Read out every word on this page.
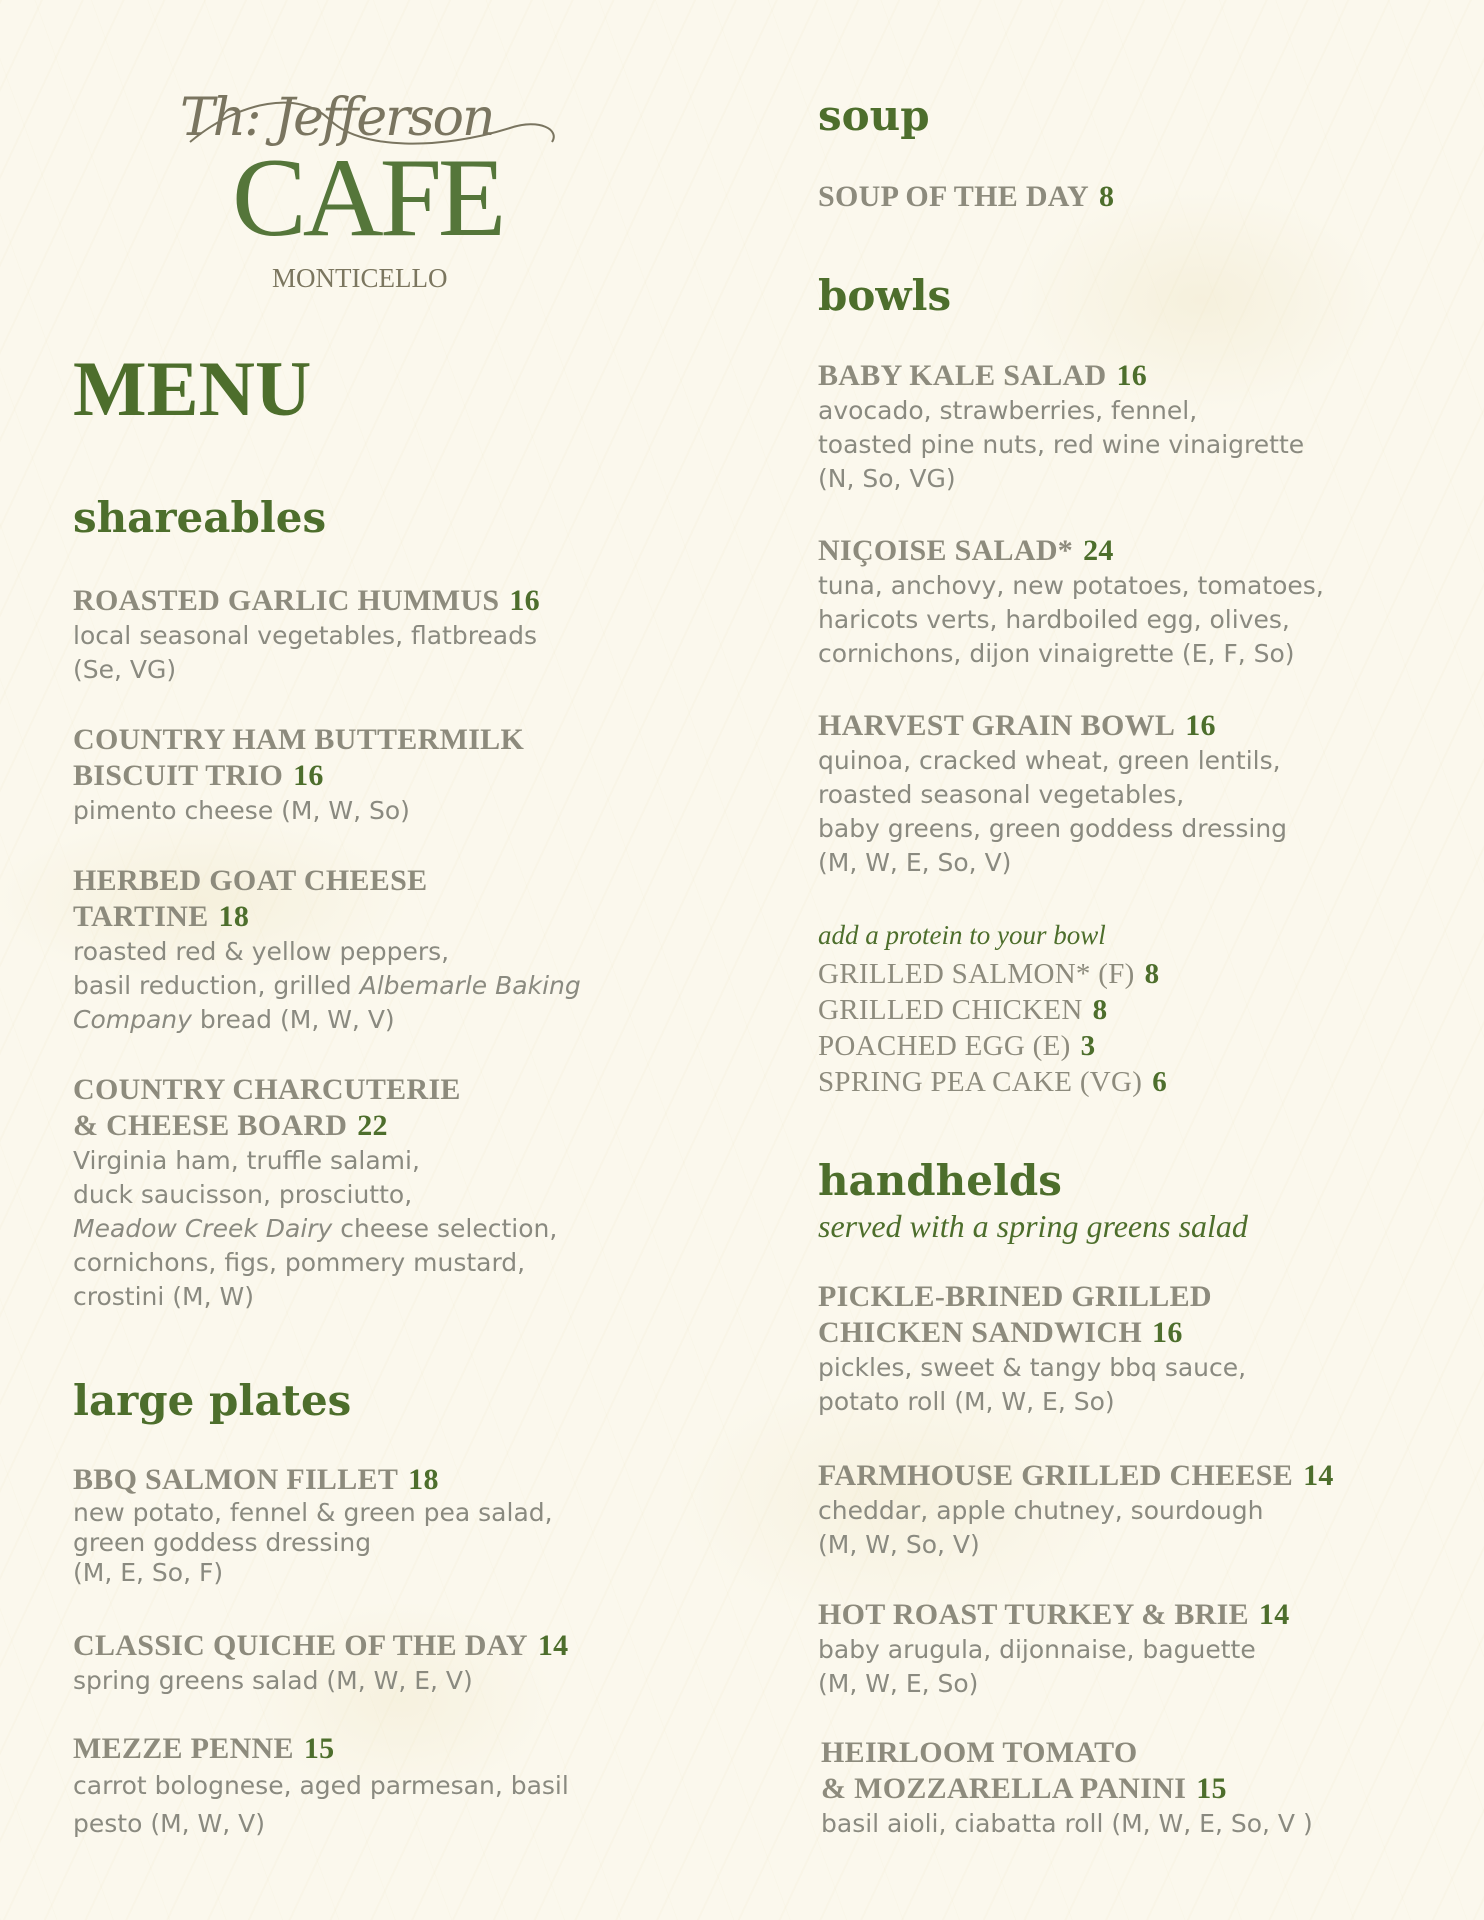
Th: Jefferson
CAFE
MONTICELLO
MENU
shareables
ROASTED GARLIC HUMMUS 16
local seasonal vegetables, flatbreads
(Se, VG)
COUNTRY HAM BUTTERMILK
BISCUIT TRIO 16
pimento cheese (M, W, So)
HERBED GOAT CHEESE
TARTINE 18
roasted red & yellow peppers,
basil reduction, grilled Albemarle Baking Company bread (M, W, V)
COUNTRY CHARCUTERIE
& CHEESE BOARD 22
Virginia ham, truffle salami,
duck saucisson, prosciutto,
Meadow Creek Dairy cheese selection,
cornichons, figs, pommery mustard,
crostini (M, W)
large plates
BBQ SALMON FILLET 18
new potato, fennel & green pea salad,
green goddess dressing
(M, E, So, F)
CLASSIC QUICHE OF THE DAY 14
spring greens salad (M, W, E, V)
MEZZE PENNE 15
carrot bolognese, aged parmesan, basil
pesto (M, W, V)
soup
SOUP OF THE DAY 8
bowls
BABY KALE SALAD 16
avocado, strawberries, fennel,
toasted pine nuts, red wine vinaigrette
(N, So, VG)
NIÇOISE SALAD* 24
tuna, anchovy, new potatoes, tomatoes,
haricots verts, hardboiled egg, olives,
cornichons, dijon vinaigrette (E, F, So)
HARVEST GRAIN BOWL 16
quinoa, cracked wheat, green lentils,
roasted seasonal vegetables,
baby greens, green goddess dressing
(M, W, E, So, V)
add a protein to your bowl
GRILLED SALMON* (F) 8
GRILLED CHICKEN 8
POACHED EGG (E) 3
SPRING PEA CAKE (VG) 6
handhelds
served with a spring greens salad
PICKLE-BRINED GRILLED
CHICKEN SANDWICH 16
pickles, sweet & tangy bbq sauce,
potato roll (M, W, E, So)
FARMHOUSE GRILLED CHEESE 14
cheddar, apple chutney, sourdough
(M, W, So, V)
HOT ROAST TURKEY & BRIE 14
baby arugula, dijonnaise, baguette
(M, W, E, So)
HEIRLOOM TOMATO
& MOZZARELLA PANINI 15
basil aioli, ciabatta roll (M, W, E, So, V )
